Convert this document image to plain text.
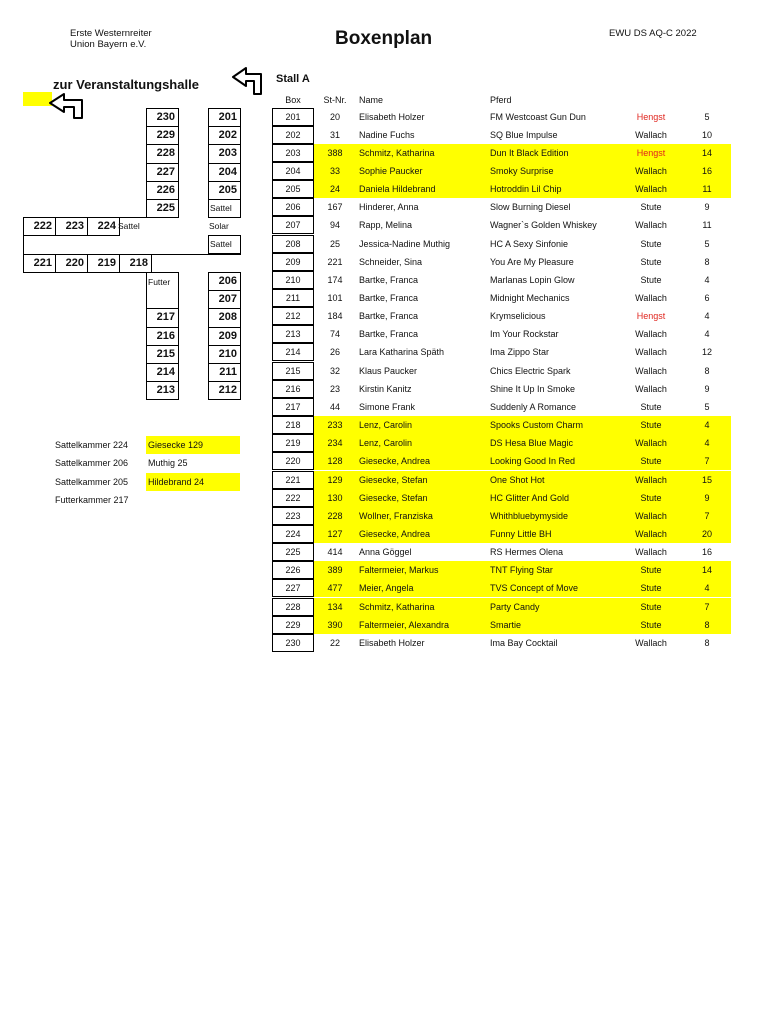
Erste Westernreiter
Union Bayern e.V.	Boxenplan	EWU DS AQ-C 2022
zur Veranstaltungshalle	Stall A
230	201
229	202
228	203
227	204
226	205
225	Sattel
222	223	224 Sattel	Solar
Sattel
221	220	219	218
Futter	206
207
217	208
216	209
215	210
214	211
213	212
Sattelkammer 224 Giesecke 129
Sattelkammer 206 Muthig 25
Sattelkammer 205 Hildebrand 24
Futterkammer 217
Box	St-Nr.	Name	Pferd
201	20	Elisabeth Holzer	FM Westcoast Gun Dun	Hengst	5
202	31	Nadine Fuchs	SQ Blue Impulse	Wallach	10
203	388	Schmitz, Katharina	Dun It Black Edition	Hengst	14
204	33	Sophie Paucker	Smoky Surprise	Wallach	16
205	24	Daniela Hildebrand	Hotroddin Lil Chip	Wallach	11
206	167	Hinderer, Anna	Slow Burning Diesel	Stute	9
207	94	Rapp, Melina	Wagner`s Golden Whiskey	Wallach	11
208	25	Jessica-Nadine Muthig	HC A Sexy Sinfonie	Stute	5
209	221	Schneider, Sina	You Are My Pleasure	Stute	8
210	174	Bartke, Franca	Marlanas Lopin Glow	Stute	4
211	101	Bartke, Franca	Midnight Mechanics	Wallach	6
212	184	Bartke, Franca	Krymselicious	Hengst	4
213	74	Bartke, Franca	Im Your Rockstar	Wallach	4
214	26	Lara Katharina Späth	Ima Zippo Star	Wallach	12
215	32	Klaus Paucker	Chics Electric Spark	Wallach	8
216	23	Kirstin Kanitz	Shine It Up In Smoke	Wallach	9
217	44	Simone Frank	Suddenly A Romance	Stute	5
218	233	Lenz, Carolin	Spooks Custom Charm	Stute	4
219	234	Lenz, Carolin	DS Hesa Blue Magic	Wallach	4
220	128	Giesecke, Andrea	Looking Good In Red	Stute	7
221	129	Giesecke, Stefan	One Shot Hot	Wallach	15
222	130	Giesecke, Stefan	HC Glitter And Gold	Stute	9
223	228	Wollner, Franziska	Whithbluebymyside	Wallach	7
224	127	Giesecke, Andrea	Funny Little BH	Wallach	20
225	414	Anna Göggel	RS Hermes Olena	Wallach	16
226	389	Faltermeier, Markus	TNT Flying Star	Stute	14
227	477	Meier, Angela	TVS Concept of Move	Stute	4
228	134	Schmitz, Katharina	Party Candy	Stute	7
229	390	Faltermeier, Alexandra	Smartie	Stute	8
230	22	Elisabeth Holzer	Ima Bay Cocktail	Wallach	8
